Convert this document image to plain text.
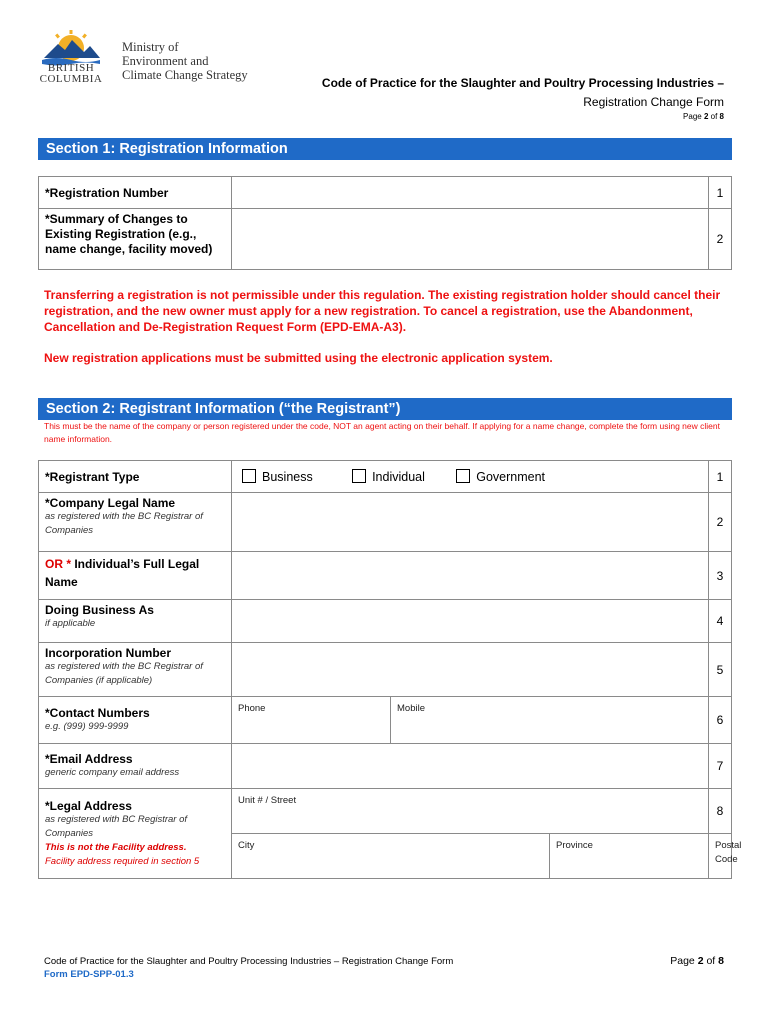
BRITISH
COLUMBIA
Ministry of
Environment and
Climate Change Strategy
Code of Practice for the Slaughter and Poultry Processing Industries –
Registration Change Form
Page 2 of 8
Section 1: Registration Information
*Registration Number		1
*Summary of Changes to Existing Registration (e.g., name change, facility moved)		2
Transferring a registration is not permissible under this regulation. The existing registration holder should cancel their registration, and the new owner must apply for a new registration. To cancel a registration, use the Abandonment, Cancellation and De-Registration Request Form (EPD-EMA-A3).
New registration applications must be submitted using the electronic application system.
Section 2: Registrant Information (“the Registrant”)
This must be the name of the company or person registered under the code, NOT an agent acting on their behalf. If applying for a name change, complete the form using new client name information.
*Registrant Type	Business Individual Government			1
*Company Legal Name
as registered with the BC Registrar of Companies				2
OR * Individual’s Full Legal Name				3
Doing Business As
if applicable				4
Incorporation Number
as registered with the BC Registrar of Companies (if applicable)				5
*Contact Numbers
e.g. (999) 999-9999	Phone	Mobile		6
*Email Address
generic company email address				7
*Legal Address
as registered with BC Registrar of Companies
This is not the Facility address.
Facility address required in section 5	Unit # / Street			8
	City		Province	Postal Code
Code of Practice for the Slaughter and Poultry Processing Industries – Registration Change Form
Form EPD-SPP-01.3
Page 2 of 8
